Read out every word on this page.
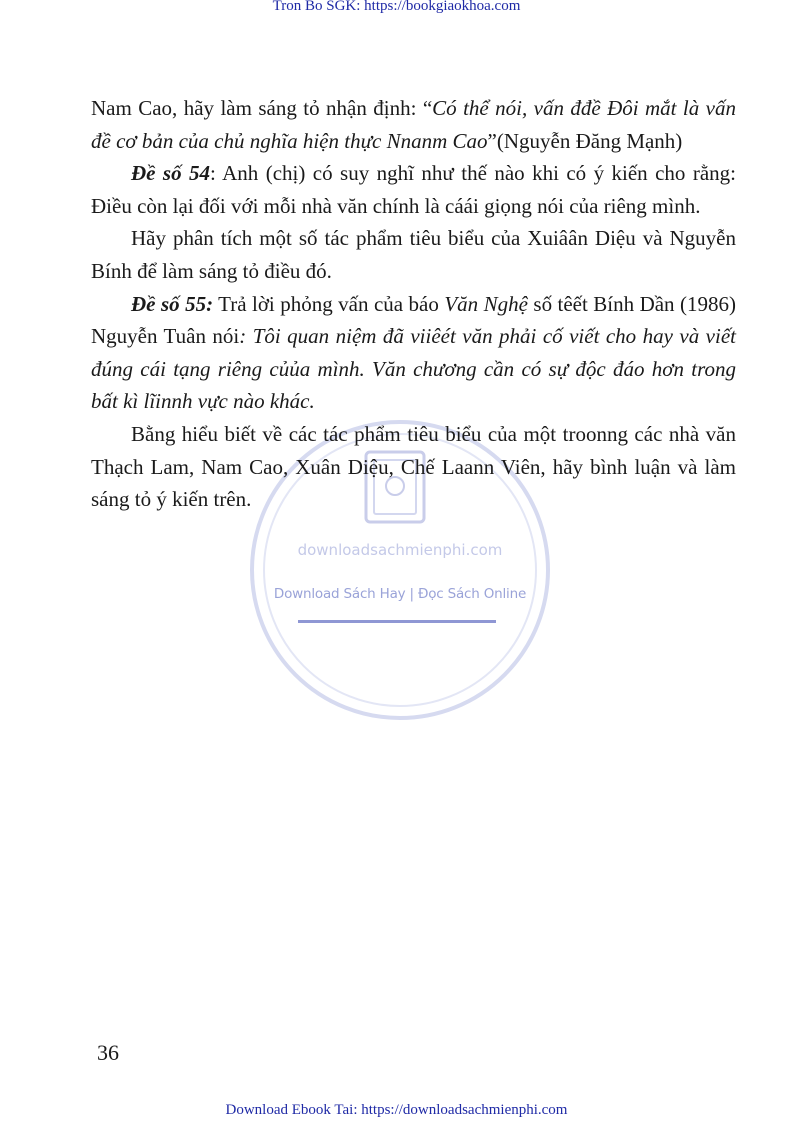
Tron Bo SGK: https://bookgiaokhoa.com
downloadsachmienphi.com
Download Sách Hay | Đọc Sách Online

Nam Cao, hãy làm sáng tỏ nhận định: “Có thể nói, vấn đđề Đôi mắt là vấn đề cơ bản của chủ nghĩa hiện thực Nnanm Cao”(Nguyễn Đăng Mạnh)

Đề số 54: Anh (chị) có suy nghĩ như thế nào khi có ý kiến cho rằng: Điều còn lại đối với mỗi nhà văn chính là cáái giọng nói của riêng mình.

Hãy phân tích một số tác phẩm tiêu biểu của Xuiâân Diệu và Nguyễn Bính để làm sáng tỏ điều đó.

Đề số 55: Trả lời phỏng vấn của báo Văn Nghệ số têết Bính Dần (1986) Nguyễn Tuân nói: Tôi quan niệm đã viiêét văn phải cố viết cho hay và viết đúng cái tạng riêng củủa mình. Văn chương cần có sự độc đáo hơn trong bất kì lĩinnh vực nào khác.

Bằng hiểu biết về các tác phẩm tiêu biểu của một troonng các nhà văn Thạch Lam, Nam Cao, Xuân Diệu, Chế Laann Viên, hãy bình luận và làm sáng tỏ ý kiến trên.

36
Download Ebook Tai: https://downloadsachmienphi.com
